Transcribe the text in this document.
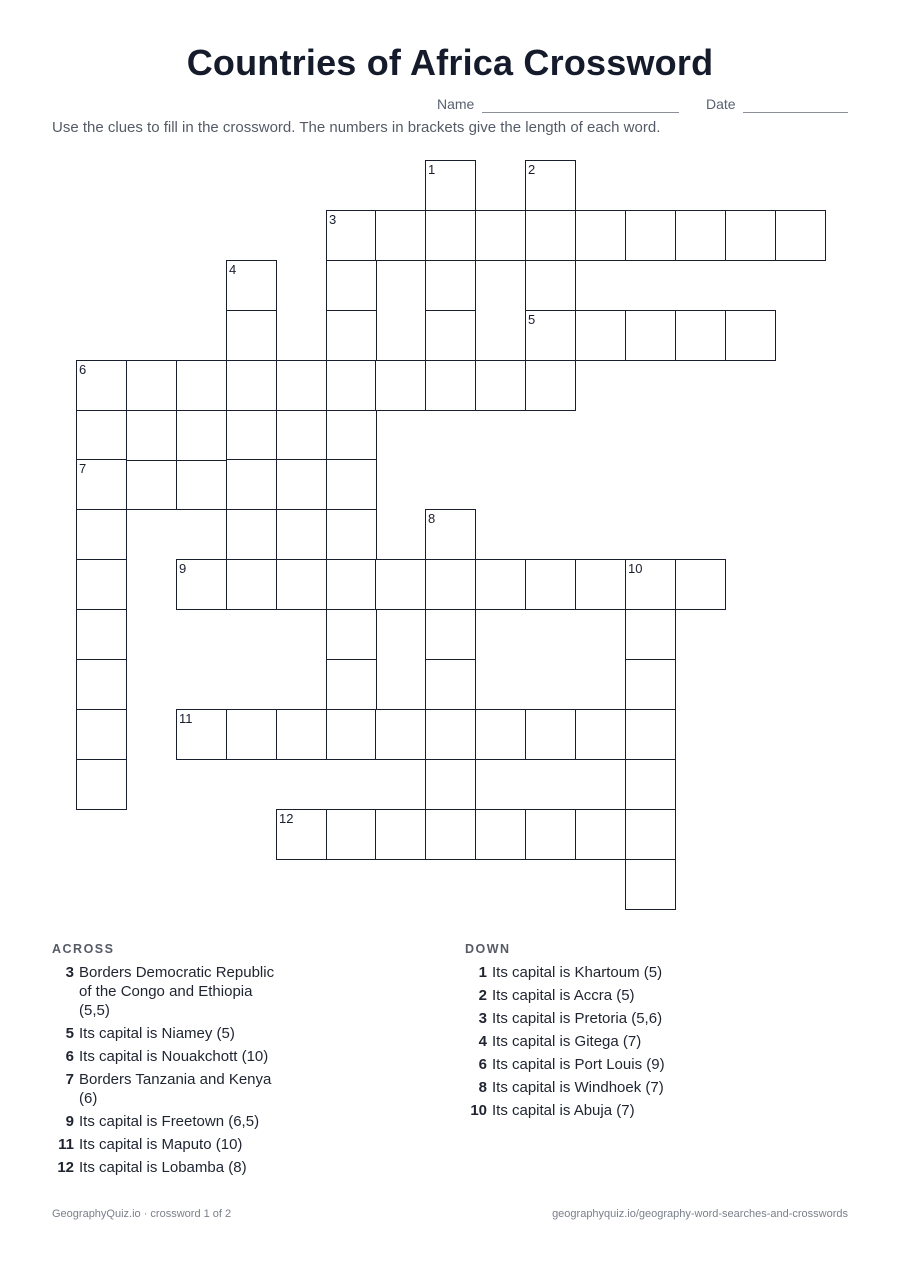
Countries of Africa Crossword
Name	Date
Use the clues to fill in the crossword. The numbers in brackets give the length of each word.
1	2
5
3
4
6
7
8
9	10
11
12
ACROSS
3 Borders Democratic Republic of the Congo and Ethiopia (5,5)
5 Its capital is Niamey (5)
6 Its capital is Nouakchott (10)
7 Borders Tanzania and Kenya (6)
9 Its capital is Freetown (6,5)
11 Its capital is Maputo (10)
12 Its capital is Lobamba (8)
DOWN
1 Its capital is Khartoum (5)
2 Its capital is Accra (5)
3 Its capital is Pretoria (5,6)
4 Its capital is Gitega (7)
6 Its capital is Port Louis (9)
8 Its capital is Windhoek (7)
10 Its capital is Abuja (7)
GeographyQuiz.io · crossword 1 of 2	geographyquiz.io/geography-word-searches-and-crosswords
